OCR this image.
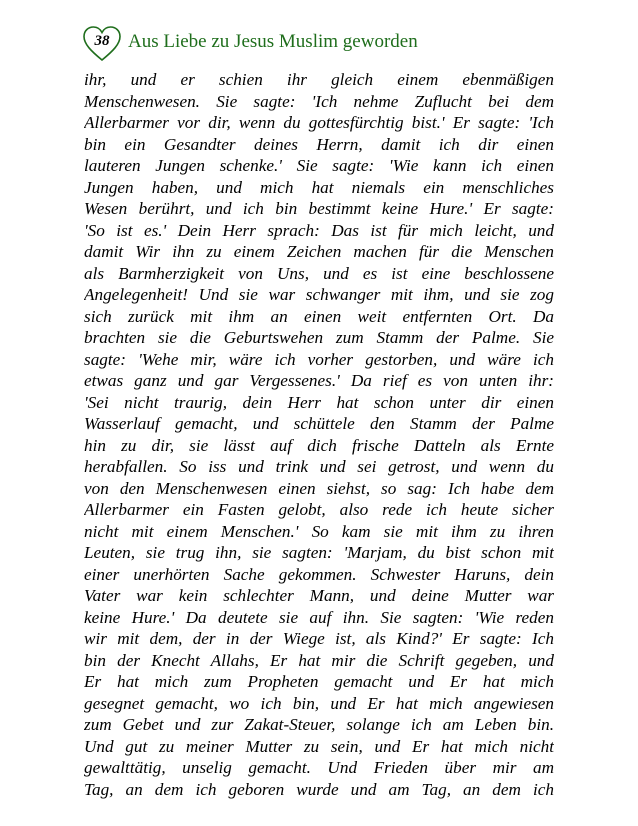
38 Aus Liebe zu Jesus Muslim geworden
ihr, und er schien ihr gleich einem ebenmäßigen
Menschenwesen. Sie sagte: 'Ich nehme Zuflucht bei dem
Allerbarmer vor dir, wenn du gottesfürchtig bist.' Er sagte: 'Ich
bin ein Gesandter deines Herrn, damit ich dir einen
lauteren Jungen schenke.' Sie sagte: 'Wie kann ich einen
Jungen haben, und mich hat niemals ein menschliches
Wesen berührt, und ich bin bestimmt keine Hure.' Er sagte:
'So ist es.' Dein Herr sprach: Das ist für mich leicht, und
damit Wir ihn zu einem Zeichen machen für die Menschen
als Barmherzigkeit von Uns, und es ist eine beschlossene
Angelegenheit! Und sie war schwanger mit ihm, und sie zog
sich zurück mit ihm an einen weit entfernten Ort. Da
brachten sie die Geburtswehen zum Stamm der Palme. Sie
sagte: 'Wehe mir, wäre ich vorher gestorben, und wäre ich
etwas ganz und gar Vergessenes.' Da rief es von unten ihr:
'Sei nicht traurig, dein Herr hat schon unter dir einen
Wasserlauf gemacht, und schüttele den Stamm der Palme
hin zu dir, sie lässt auf dich frische Datteln als Ernte
herabfallen. So iss und trink und sei getrost, und wenn du
von den Menschenwesen einen siehst, so sag: Ich habe dem
Allerbarmer ein Fasten gelobt, also rede ich heute sicher
nicht mit einem Menschen.' So kam sie mit ihm zu ihren
Leuten, sie trug ihn, sie sagten: 'Marjam, du bist schon mit
einer unerhörten Sache gekommen. Schwester Haruns, dein
Vater war kein schlechter Mann, und deine Mutter war
keine Hure.' Da deutete sie auf ihn. Sie sagten: 'Wie reden
wir mit dem, der in der Wiege ist, als Kind?' Er sagte: Ich
bin der Knecht Allahs, Er hat mir die Schrift gegeben, und
Er hat mich zum Propheten gemacht und Er hat mich
gesegnet gemacht, wo ich bin, und Er hat mich angewiesen
zum Gebet und zur Zakat-Steuer, solange ich am Leben bin.
Und gut zu meiner Mutter zu sein, und Er hat mich nicht
gewalttätig, unselig gemacht. Und Frieden über mir am
Tag, an dem ich geboren wurde und am Tag, an dem ich
